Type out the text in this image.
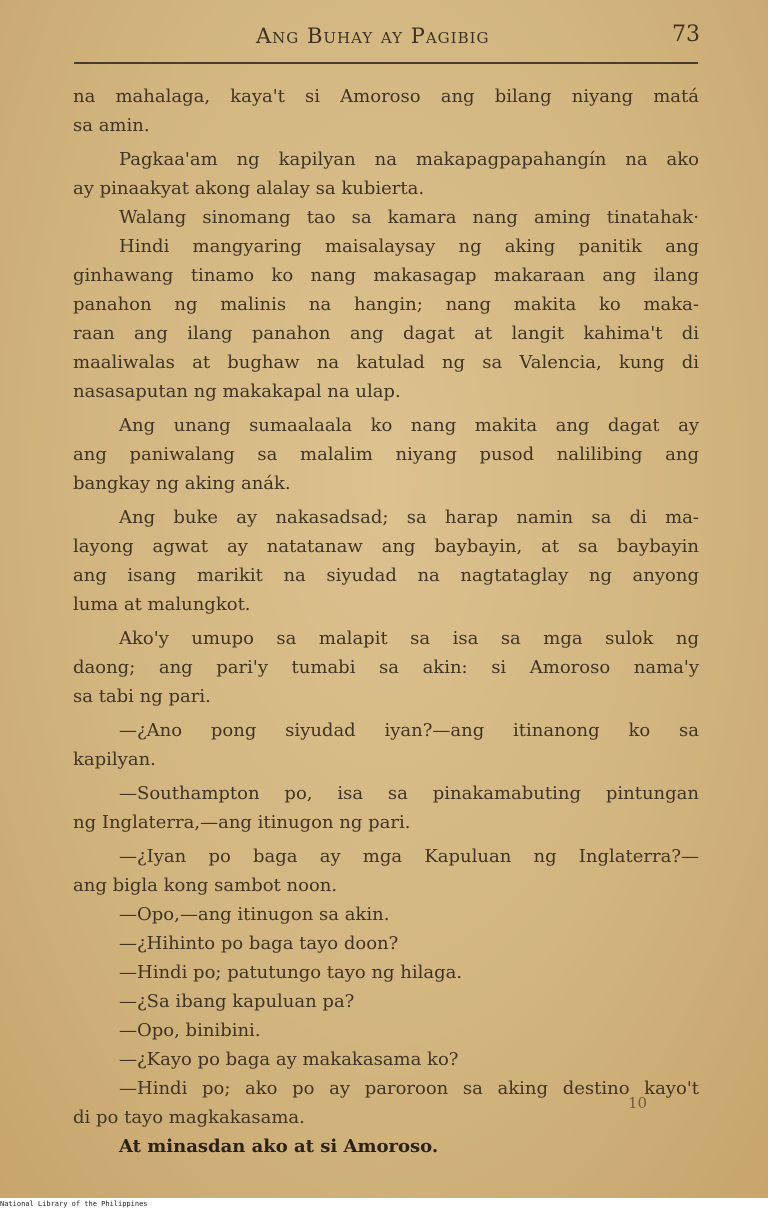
Ang Buhay ay Pagibig	73
na mahalaga, kaya't si Amoroso ang bilang niyang matá
sa amin.
Pagkaa'am ng kapilyan na makapagpapahangín na ako
ay pinaakyat akong alalay sa kubierta.
Walang sinomang tao sa kamara nang aming tinatahak·
Hindi mangyaring maisalaysay ng aking panitik ang
ginhawang tinamo ko nang makasagap makaraan ang ilang
panahon ng malinis na hangin; nang makita ko maka-
raan ang ilang panahon ang dagat at langit kahima't di
maaliwalas at bughaw na katulad ng sa Valencia, kung di
nasasaputan ng makakapal na ulap.
Ang unang sumaalaala ko nang makita ang dagat ay
ang paniwalang sa malalim niyang pusod nalilibing ang
bangkay ng aking anák.
Ang buke ay nakasadsad; sa harap namin sa di ma-
layong agwat ay natatanaw ang baybayin, at sa baybayin
ang isang marikit na siyudad na nagtataglay ng anyong
luma at malungkot.
Ako'y umupo sa malapit sa isa sa mga sulok ng
daong; ang pari'y tumabi sa akin: si Amoroso nama'y
sa tabi ng pari.
—¿Ano pong siyudad iyan?—ang itinanong ko sa
kapilyan.
—Southampton po, isa sa pinakamabuting pintungan
ng Inglaterra,—ang itinugon ng pari.
—¿Iyan po baga ay mga Kapuluan ng Inglaterra?—
ang bigla kong sambot noon.
—Opo,—ang itinugon sa akin.
—¿Hihinto po baga tayo doon?
—Hindi po; patutungo tayo ng hilaga.
—¿Sa ibang kapuluan pa?
—Opo, binibini.
—¿Kayo po baga ay makakasama ko?
—Hindi po; ako po ay paroroon sa aking destino kayo't
di po tayo magkakasama.
At minasdan ako at si Amoroso.
10
National Library of the Philippines
